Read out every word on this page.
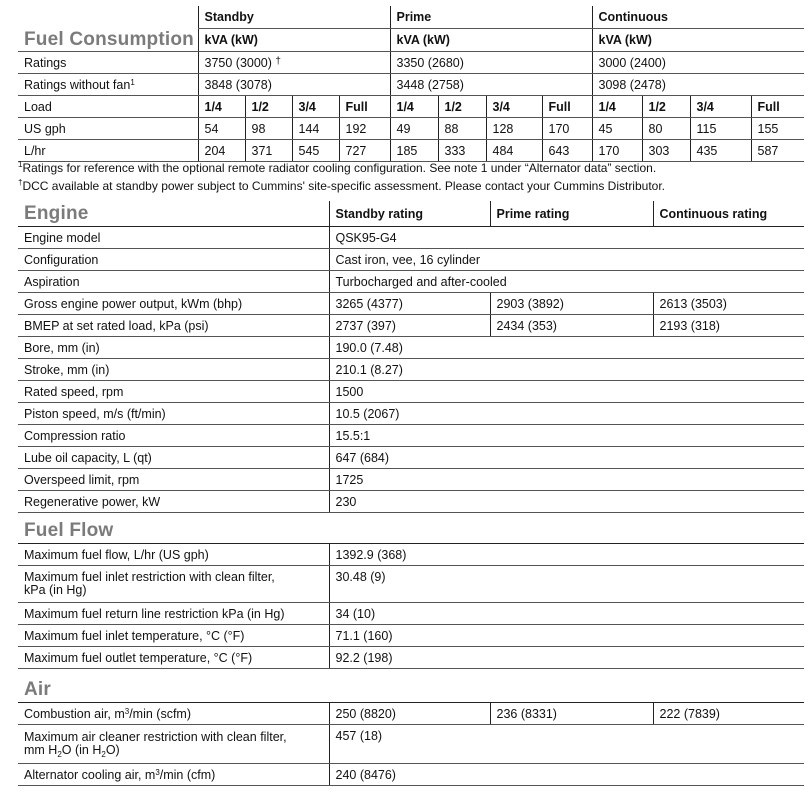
Fuel Consumption	Standby				Prime				Continuous			
	kVA (kW)				kVA (kW)				kVA (kW)			
Ratings	3750 (3000) †				3350 (2680)				3000 (2400)			
Ratings without fan$^1$	3848 (3078)				3448 (2758)				3098 (2478)			
Load	1/4	1/2	3/4	Full	1/4	1/2	3/4	Full	1/4	1/2	3/4	Full
US gph	54	98	144	192	49	88	128	170	45	80	115	155
L/hr	204	371	545	727	185	333	484	643	170	303	435	587
$^1$Ratings for reference with the optional remote radiator cooling configuration. See note 1 under “Alternator data” section.
†DCC available at standby power subject to Cummins' site-specific assessment. Please contact your Cummins Distributor.
Engine	Standby rating	Prime rating	Continuous rating
Engine model	QSK95-G4		
Configuration	Cast iron, vee, 16 cylinder		
Aspiration	Turbocharged and after-cooled		
Gross engine power output, kWm (bhp)	3265 (4377)	2903 (3892)	2613 (3503)
BMEP at set rated load, kPa (psi)	2737 (397)	2434 (353)	2193 (318)
Bore, mm (in)	190.0 (7.48)		
Stroke, mm (in)	210.1 (8.27)		
Rated speed, rpm	1500		
Piston speed, m/s (ft/min)	10.5 (2067)		
Compression ratio	15.5:1		
Lube oil capacity, L (qt)	647 (684)		
Overspeed limit, rpm	1725		
Regenerative power, kW	230		
Fuel Flow	
Maximum fuel flow, L/hr (US gph)	1392.9 (368)

Maximum fuel inlet restriction with clean filter,
kPa (in Hg)	30.48 (9)
Maximum fuel return line restriction kPa (in Hg)	34 (10)
Maximum fuel inlet temperature, °C (°F)	71.1 (160)
Maximum fuel outlet temperature, °C (°F)	92.2 (198)
Air			
Combustion air, $m^3/\min$ (scfm)	250 (8820)	236 (8331)	222 (7839)

Maximum air cleaner restriction with clean filter,
mm $H_2O$ (in $H_2O$)	457 (18)		
Alternator cooling air, $m^3/\min$ (cfm)	240 (8476)		
